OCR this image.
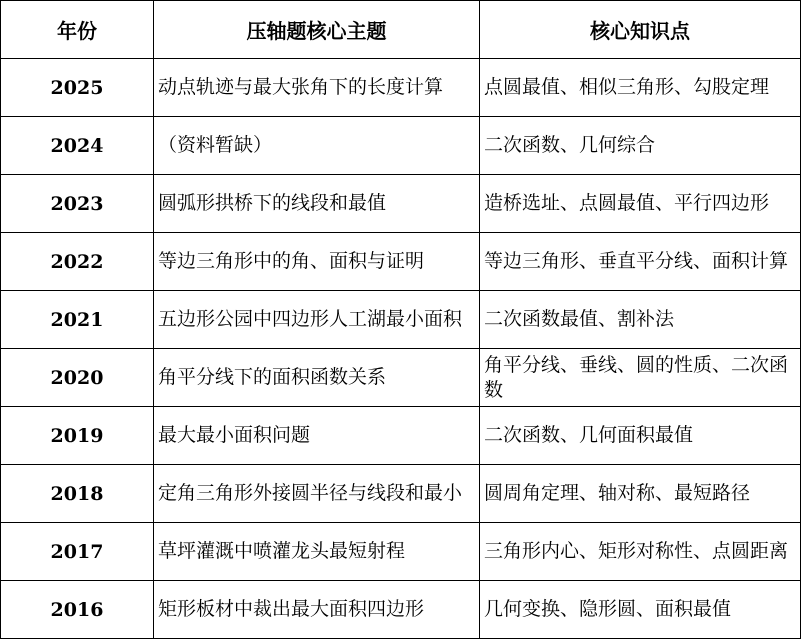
年份	压轴题核心主题	核心知识点
2025	动点轨迹与最大张角下的长度计算	点圆最值、相似三角形、勾股定理
2024	（资料暂缺）	二次函数、几何综合
2023	圆弧形拱桥下的线段和最值	造桥选址、点圆最值、平行四边形
2022	等边三角形中的角、面积与证明	等边三角形、垂直平分线、面积计算
2021	五边形公园中四边形人工湖最小面积	二次函数最值、割补法
2020	角平分线下的面积函数关系	角平分线、垂线、圆的性质、二次函数
2019	最大最小面积问题	二次函数、几何面积最值
2018	定角三角形外接圆半径与线段和最小	圆周角定理、轴对称、最短路径
2017	草坪灌溉中喷灌龙头最短射程	三角形内心、矩形对称性、点圆距离
2016	矩形板材中裁出最大面积四边形	几何变换、隐形圆、面积最值
